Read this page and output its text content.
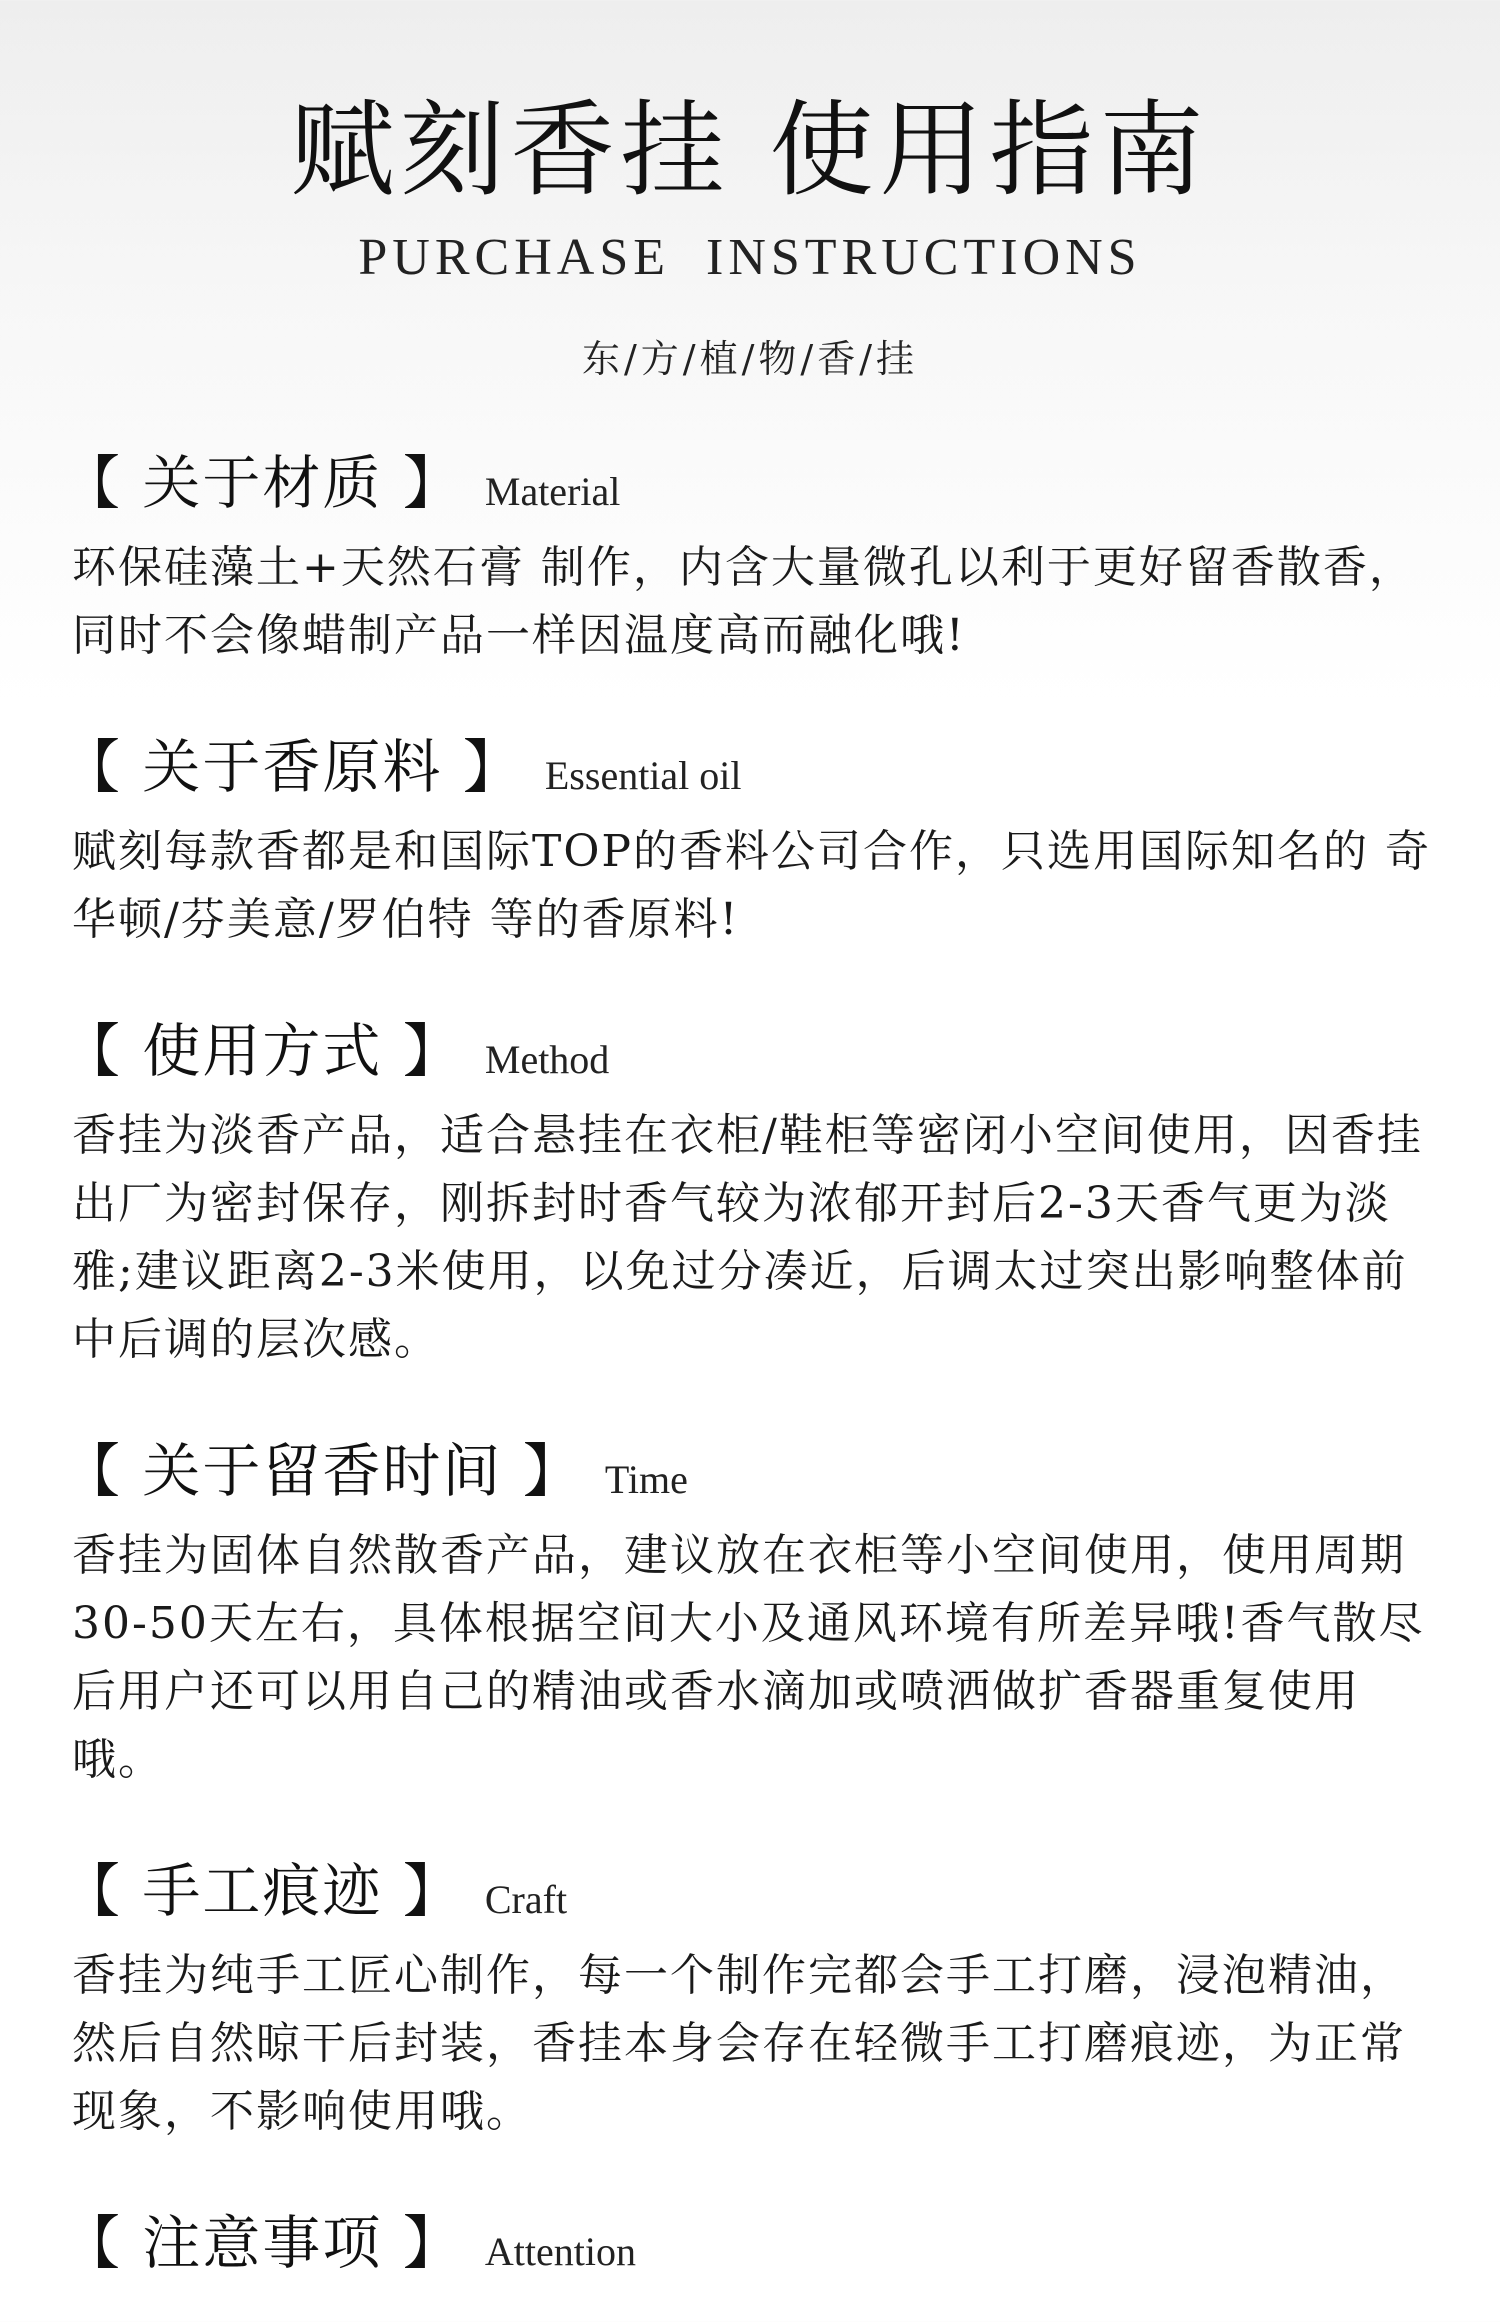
赋刻香挂 使用指南
PURCHASE  INSTRUCTIONS
东/方/植/物/香/挂
【 关于材质 】 Material
环保硅藻土+天然石膏 制作，内含大量微孔以利于更好留香散香，同时不会像蜡制产品一样因温度高而融化哦!
【 关于香原料 】 Essential oil
赋刻每款香都是和国际TOP的香料公司合作，只选用国际知名的 奇华顿/芬美意/罗伯特 等的香原料!
【 使用方式 】 Method
香挂为淡香产品，适合悬挂在衣柜/鞋柜等密闭小空间使用，因香挂出厂为密封保存，刚拆封时香气较为浓郁开封后2-3天香气更为淡雅;建议距离2-3米使用，以免过分凑近，后调太过突出影响整体前中后调的层次感。
【 关于留香时间 】 Time
香挂为固体自然散香产品，建议放在衣柜等小空间使用，使用周期30-50天左右，具体根据空间大小及通风环境有所差异哦!香气散尽后用户还可以用自己的精油或香水滴加或喷洒做扩香器重复使用哦。
【 手工痕迹 】 Craft
香挂为纯手工匠心制作，每一个制作完都会手工打磨，浸泡精油，然后自然晾干后封装，香挂本身会存在轻微手工打磨痕迹，为正常现象，不影响使用哦。
【 注意事项 】 Attention
